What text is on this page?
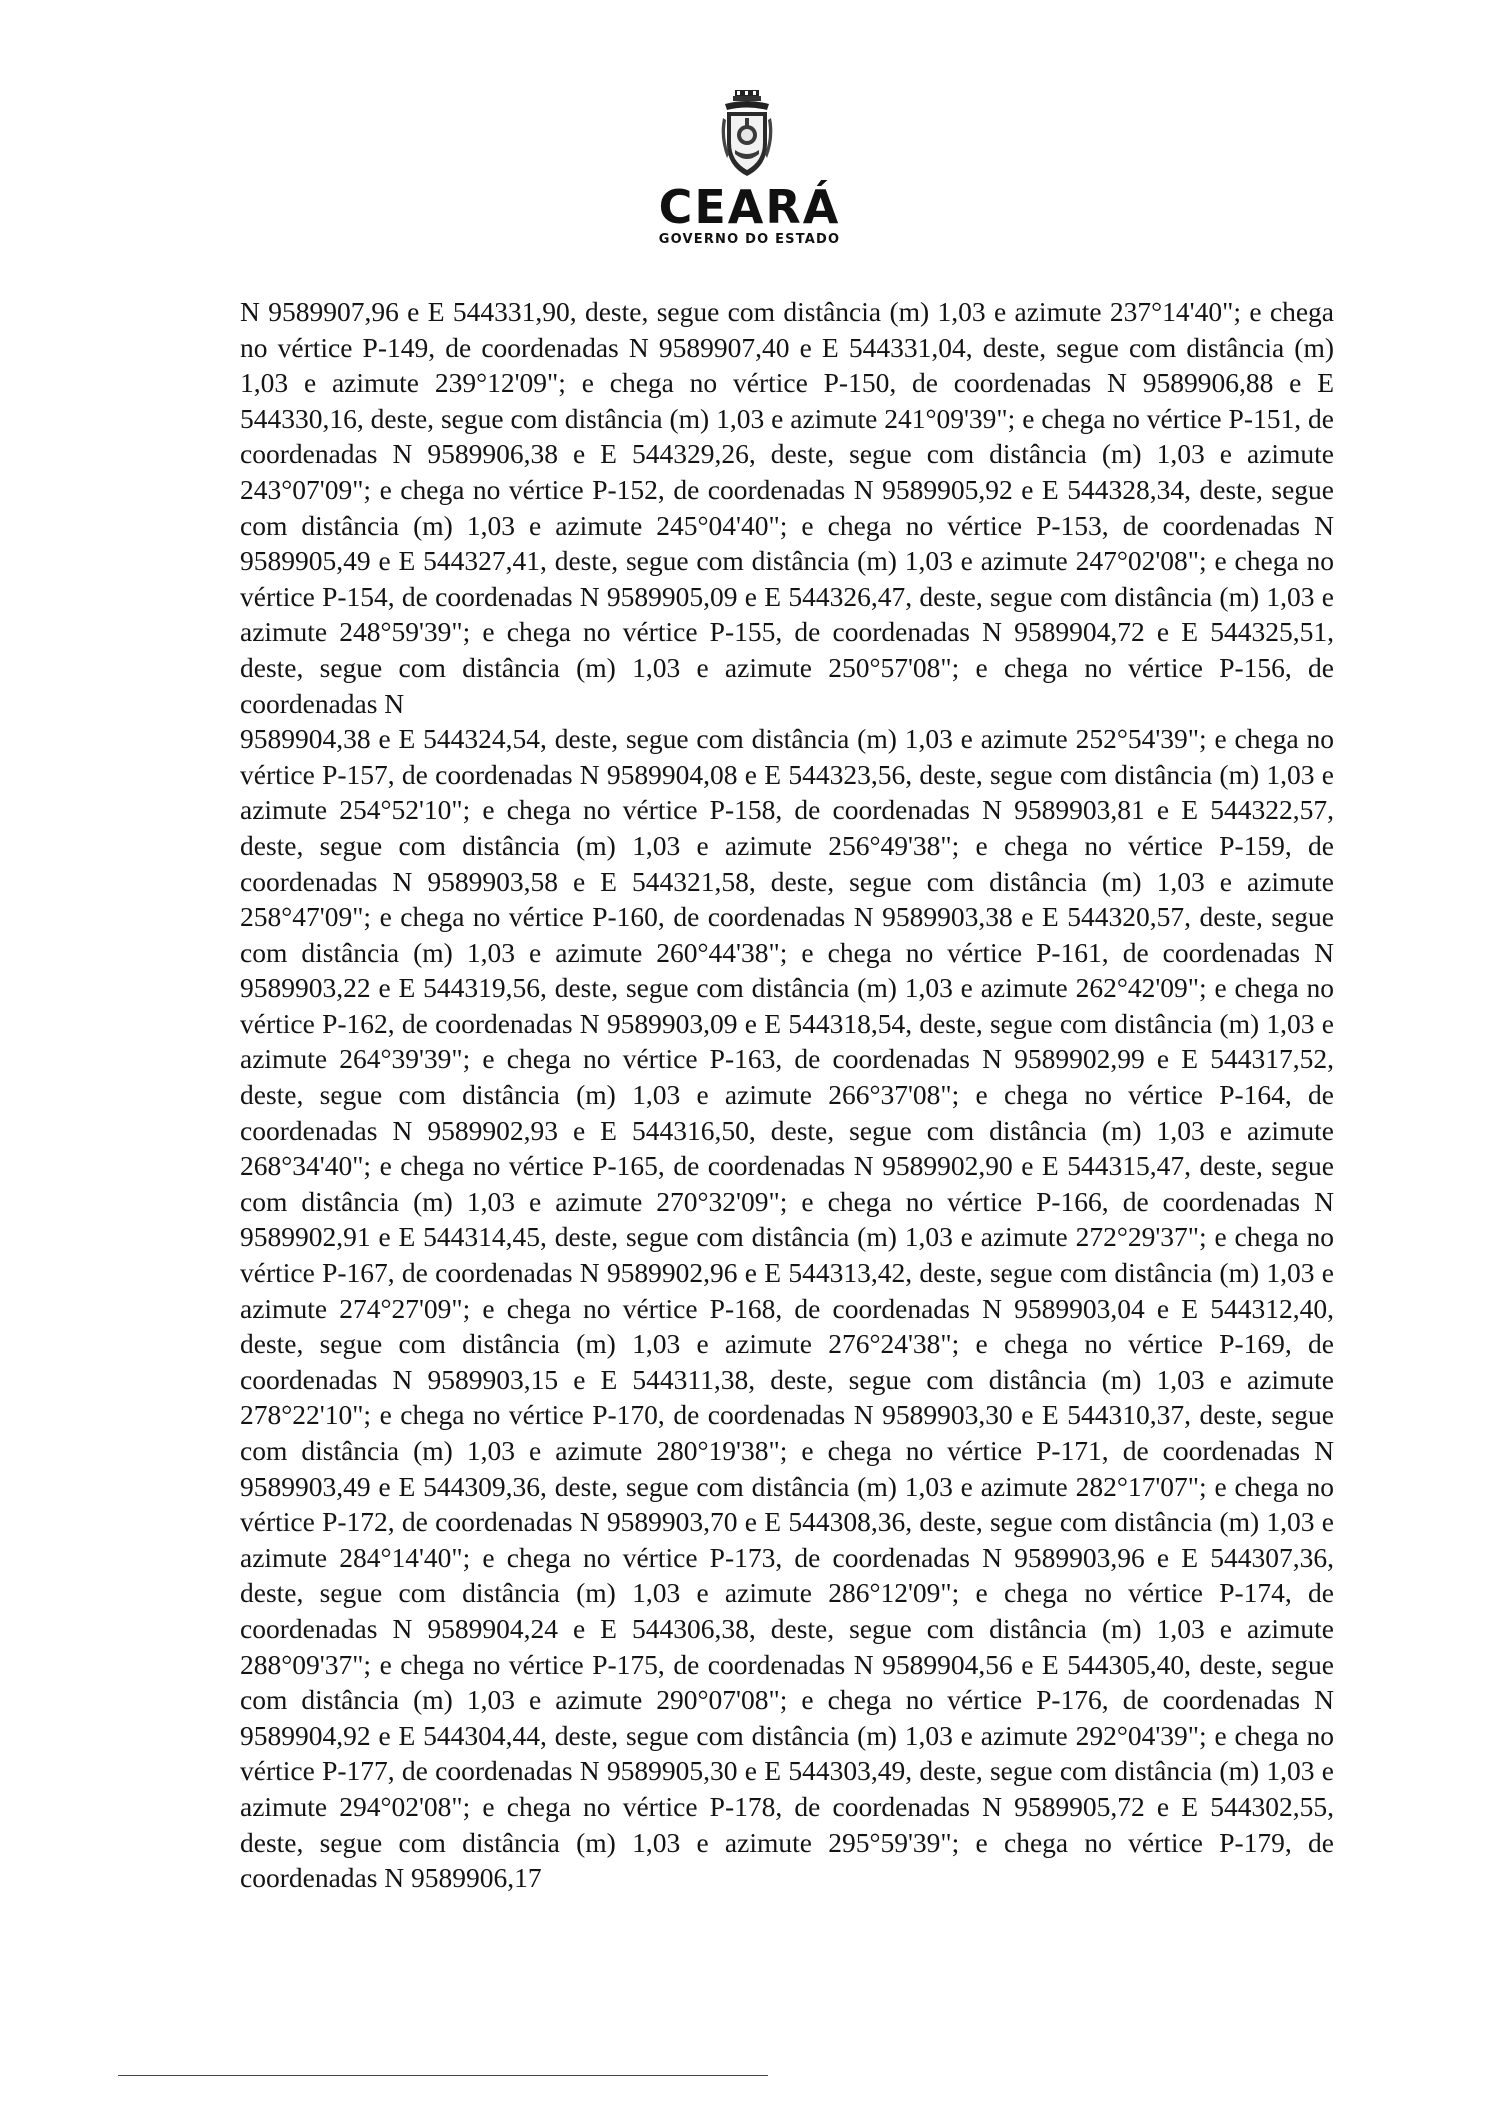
CEARÁ
GOVERNO DO ESTADO

N 9589907,96 e E 544331,90, deste, segue com distância (m) 1,03 e azimute 237°14'40"; e chega no vértice P-149, de coordenadas N 9589907,40 e E 544331,04, deste, segue com distância (m) 1,03 e azimute 239°12'09"; e chega no vértice P-150, de coordenadas N 9589906,88 e E 544330,16, deste, segue com distância (m) 1,03 e azimute 241°09'39"; e chega no vértice P-151, de coordenadas N 9589906,38 e E 544329,26, deste, segue com distância (m) 1,03 e azimute 243°07'09"; e chega no vértice P-152, de coordenadas N 9589905,92 e E 544328,34, deste, segue com distância (m) 1,03 e azimute 245°04'40"; e chega no vértice P-153, de coordenadas N 9589905,49 e E 544327,41, deste, segue com distância (m) 1,03 e azimute 247°02'08"; e chega no vértice P-154, de coordenadas N 9589905,09 e E 544326,47, deste, segue com distância (m) 1,03 e azimute 248°59'39"; e chega no vértice P-155, de coordenadas N 9589904,72 e E 544325,51, deste, segue com distância (m) 1,03 e azimute 250°57'08"; e chega no vértice P-156, de coordenadas N

9589904,38 e E 544324,54, deste, segue com distância (m) 1,03 e azimute 252°54'39"; e chega no vértice P-157, de coordenadas N 9589904,08 e E 544323,56, deste, segue com distância (m) 1,03 e azimute 254°52'10"; e chega no vértice P-158, de coordenadas N 9589903,81 e E 544322,57, deste, segue com distância (m) 1,03 e azimute 256°49'38"; e chega no vértice P-159, de coordenadas N 9589903,58 e E 544321,58, deste, segue com distância (m) 1,03 e azimute 258°47'09"; e chega no vértice P-160, de coordenadas N 9589903,38 e E 544320,57, deste, segue com distância (m) 1,03 e azimute 260°44'38"; e chega no vértice P-161, de coordenadas N 9589903,22 e E 544319,56, deste, segue com distância (m) 1,03 e azimute 262°42'09"; e chega no vértice P-162, de coordenadas N 9589903,09 e E 544318,54, deste, segue com distância (m) 1,03 e azimute 264°39'39"; e chega no vértice P-163, de coordenadas N 9589902,99 e E 544317,52, deste, segue com distância (m) 1,03 e azimute 266°37'08"; e chega no vértice P-164, de coordenadas N 9589902,93 e E 544316,50, deste, segue com distância (m) 1,03 e azimute 268°34'40"; e chega no vértice P-165, de coordenadas N 9589902,90 e E 544315,47, deste, segue com distância (m) 1,03 e azimute 270°32'09"; e chega no vértice P-166, de coordenadas N 9589902,91 e E 544314,45, deste, segue com distância (m) 1,03 e azimute 272°29'37"; e chega no vértice P-167, de coordenadas N 9589902,96 e E 544313,42, deste, segue com distância (m) 1,03 e azimute 274°27'09"; e chega no vértice P-168, de coordenadas N 9589903,04 e E 544312,40, deste, segue com distância (m) 1,03 e azimute 276°24'38"; e chega no vértice P-169, de coordenadas N 9589903,15 e E 544311,38, deste, segue com distância (m) 1,03 e azimute 278°22'10"; e chega no vértice P-170, de coordenadas N 9589903,30 e E 544310,37, deste, segue com distância (m) 1,03 e azimute 280°19'38"; e chega no vértice P-171, de coordenadas N 9589903,49 e E 544309,36, deste, segue com distância (m) 1,03 e azimute 282°17'07"; e chega no vértice P-172, de coordenadas N 9589903,70 e E 544308,36, deste, segue com distância (m) 1,03 e azimute 284°14'40"; e chega no vértice P-173, de coordenadas N 9589903,96 e E 544307,36, deste, segue com distância (m) 1,03 e azimute 286°12'09"; e chega no vértice P-174, de coordenadas N 9589904,24 e E 544306,38, deste, segue com distância (m) 1,03 e azimute 288°09'37"; e chega no vértice P-175, de coordenadas N 9589904,56 e E 544305,40, deste, segue com distância (m) 1,03 e azimute 290°07'08"; e chega no vértice P-176, de coordenadas N 9589904,92 e E 544304,44, deste, segue com distância (m) 1,03 e azimute 292°04'39"; e chega no vértice P-177, de coordenadas N 9589905,30 e E 544303,49, deste, segue com distância (m) 1,03 e azimute 294°02'08"; e chega no vértice P-178, de coordenadas N 9589905,72 e E 544302,55, deste, segue com distância (m) 1,03 e azimute 295°59'39"; e chega no vértice P-179, de coordenadas N 9589906,17
